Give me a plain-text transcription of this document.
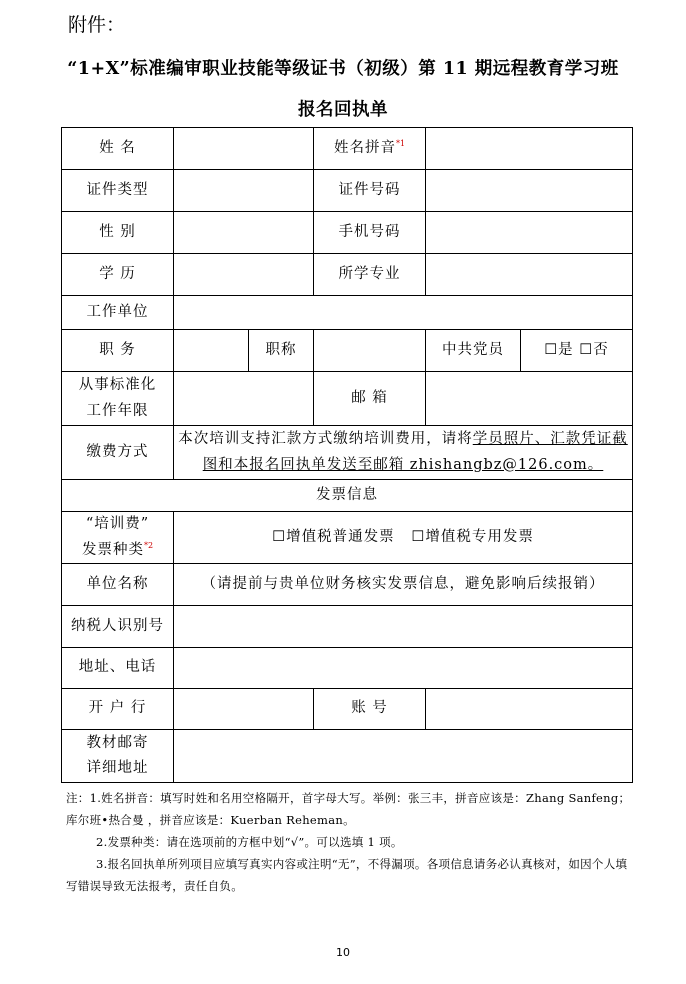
附件：
“1+X”标准编审职业技能等级证书（初级）第 11 期远程教育学习班
报名回执单
姓 名			姓名拼音$^{*1}$	
证件类型			证件号码		
性 别			手机号码		
学 历			所学专业		
工作单位					
职 务		职称		中共党员	☐是 ☐否

从事标准化
工作年限			邮 箱		
缴费方式	本次培训支持汇款方式缴纳培训费用，请将学员照片、汇款凭证截图和本报名回执单发送至邮箱 zhishangbz@126.com。				
发票信息					

“培训费”
发票种类$^{*2}$	☐增值税普通发票 ☐增值税专用发票				
单位名称	（请提前与贵单位财务核实发票信息，避免影响后续报销）				
纳税人识别号					
地址、电话					
开 户 行			账 号		

教材邮寄
详细地址					

注：1.姓名拼音：填写时姓和名用空格隔开，首字母大写。举例：张三丰，拼音应该是：Zhang Sanfeng；库尔班•热合曼 ，拼音应该是：Kuerban Reheman。

2.发票种类：请在选项前的方框中划“√”。可以选填 1 项。

3.报名回执单所列项目应填写真实内容或注明“无”，不得漏项。各项信息请务必认真核对，如因个人填写错误导致无法报考，责任自负。

10
